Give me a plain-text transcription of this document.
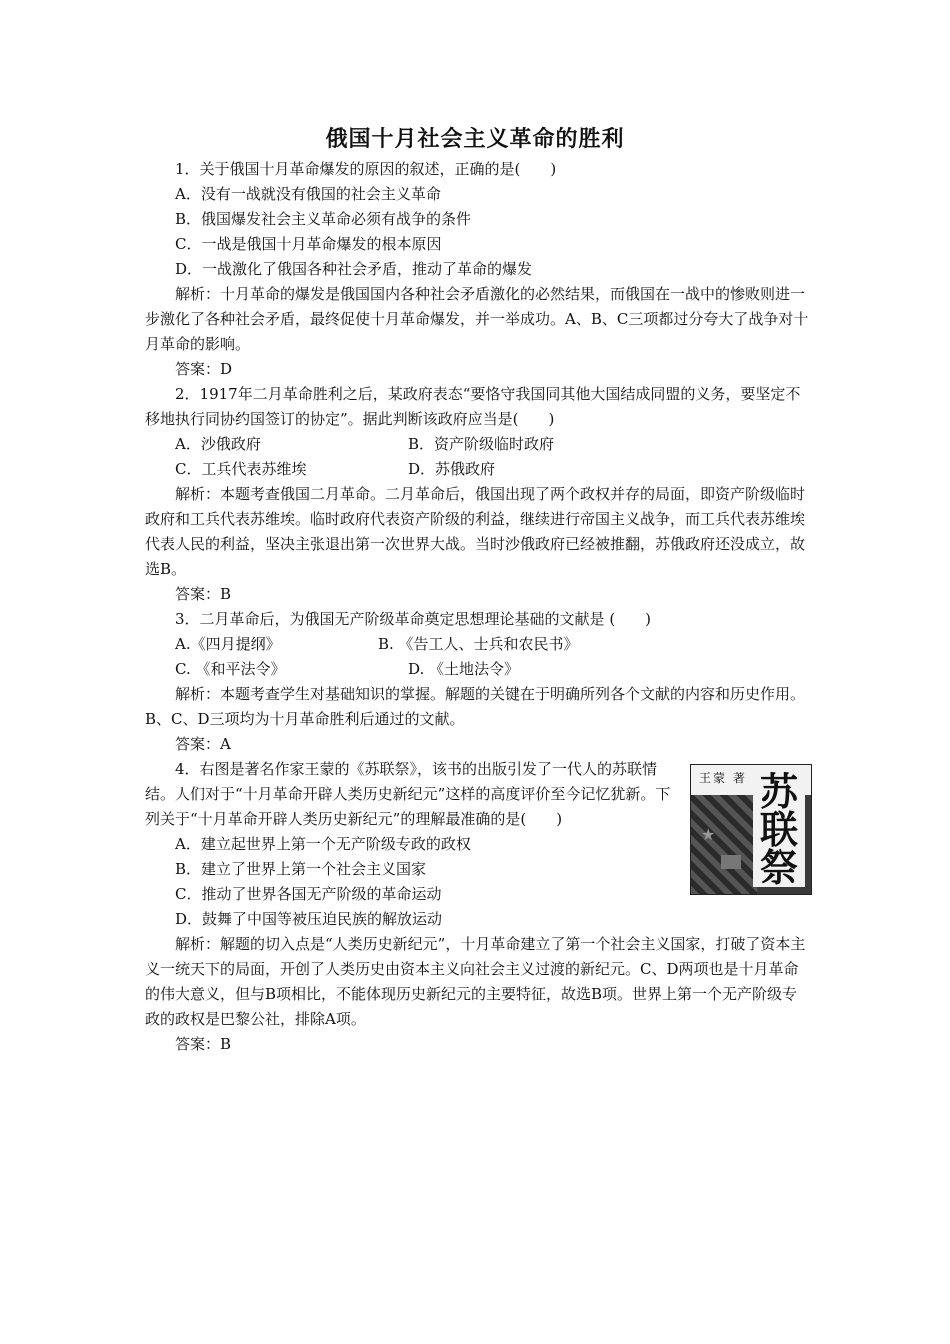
俄国十月社会主义革命的胜利

1．关于俄国十月革命爆发的原因的叙述，正确的是(　　)

A．没有一战就没有俄国的社会主义革命

B．俄国爆发社会主义革命必须有战争的条件

C．一战是俄国十月革命爆发的根本原因

D．一战激化了俄国各种社会矛盾，推动了革命的爆发

解析：十月革命的爆发是俄国国内各种社会矛盾激化的必然结果，而俄国在一战中的惨败则进一步激化了各种社会矛盾，最终促使十月革命爆发，并一举成功。A、B、C三项都过分夸大了战争对十月革命的影响。

答案：D

2．1917年二月革命胜利之后，某政府表态“要恪守我国同其他大国结成同盟的义务，要坚定不移地执行同协约国签订的协定”。据此判断该政府应当是(　　)

A．沙俄政府	B．资产阶级临时政府
C．工兵代表苏维埃	D．苏俄政府

解析：本题考查俄国二月革命。二月革命后，俄国出现了两个政权并存的局面，即资产阶级临时政府和工兵代表苏维埃。临时政府代表资产阶级的利益，继续进行帝国主义战争，而工兵代表苏维埃代表人民的利益，坚决主张退出第一次世界大战。当时沙俄政府已经被推翻，苏俄政府还没成立，故选B。

答案：B

3．二月革命后，为俄国无产阶级革命奠定思想理论基础的文献是 (　　)

A.《四月提纲》	B. 《告工人、士兵和农民书》
C. 《和平法令》	D. 《土地法令》

解析：本题考查学生对基础知识的掌握。解题的关键在于明确所列各个文献的内容和历史作用。B、C、D三项均为十月革命胜利后通过的文献。

答案：A

4．右图是著名作家王蒙的《苏联祭》，该书的出版引发了一代人的苏联情结。人们对于“十月革命开辟人类历史新纪元”这样的高度评价至今记忆犹新。下列关于“十月革命开辟人类历史新纪元”的理解最准确的是(　　)

A．建立起世界上第一个无产阶级专政的政权

B．建立了世界上第一个社会主义国家

C．推动了世界各国无产阶级的革命运动

D．鼓舞了中国等被压迫民族的解放运动

王蒙 著
★
苏
联
祭

解析：解题的切入点是“人类历史新纪元”，十月革命建立了第一个社会主义国家，打破了资本主义一统天下的局面，开创了人类历史由资本主义向社会主义过渡的新纪元。C、D两项也是十月革命的伟大意义，但与B项相比，不能体现历史新纪元的主要特征，故选B项。世界上第一个无产阶级专政的政权是巴黎公社，排除A项。

答案：B
